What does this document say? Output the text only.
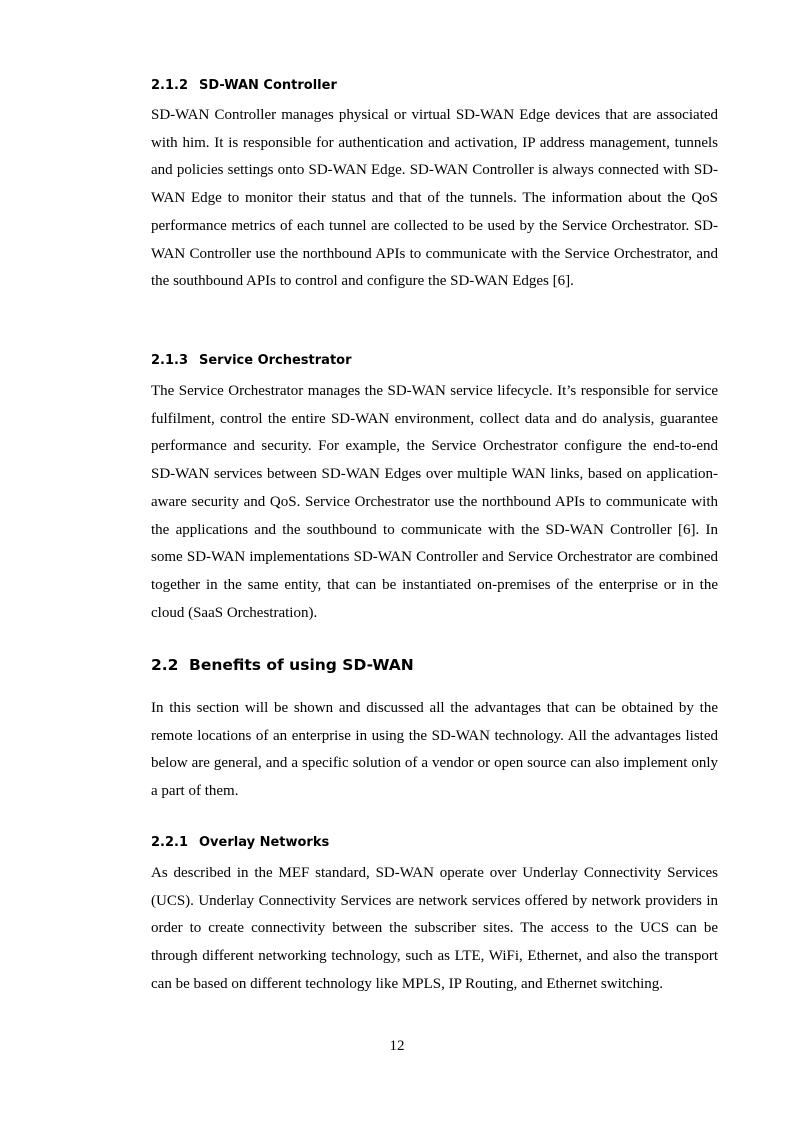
2.1.2 SD-WAN Controller
SD-WAN Controller manages physical or virtual SD-WAN Edge devices that are associated with him. It is responsible for authentication and activation, IP address management, tunnels and policies settings onto SD-WAN Edge. SD-WAN Controller is always connected with SD-WAN Edge to monitor their status and that of the tunnels. The information about the QoS performance metrics of each tunnel are collected to be used by the Service Orchestrator. SD-WAN Controller use the northbound APIs to communicate with the Service Orchestrator, and the southbound APIs to control and configure the SD-WAN Edges [6].
2.1.3 Service Orchestrator
The Service Orchestrator manages the SD-WAN service lifecycle. It’s responsible for service fulfilment, control the entire SD-WAN environment, collect data and do analysis, guarantee performance and security. For example, the Service Orchestrator configure the end-to-end SD-WAN services between SD-WAN Edges over multiple WAN links, based on application-aware security and QoS. Service Orchestrator use the northbound APIs to communicate with the applications and the southbound to communicate with the SD-WAN Controller [6]. In some SD-WAN implementations SD-WAN Controller and Service Orchestrator are combined together in the same entity, that can be instantiated on-premises of the enterprise or in the cloud (SaaS Orchestration).
2.2 Benefits of using SD-WAN
In this section will be shown and discussed all the advantages that can be obtained by the remote locations of an enterprise in using the SD-WAN technology. All the advantages listed below are general, and a specific solution of a vendor or open source can also implement only a part of them.
2.2.1 Overlay Networks
As described in the MEF standard, SD-WAN operate over Underlay Connectivity Services (UCS). Underlay Connectivity Services are network services offered by network providers in order to create connectivity between the subscriber sites. The access to the UCS can be through different networking technology, such as LTE, WiFi, Ethernet, and also the transport can be based on different technology like MPLS, IP Routing, and Ethernet switching.
12
